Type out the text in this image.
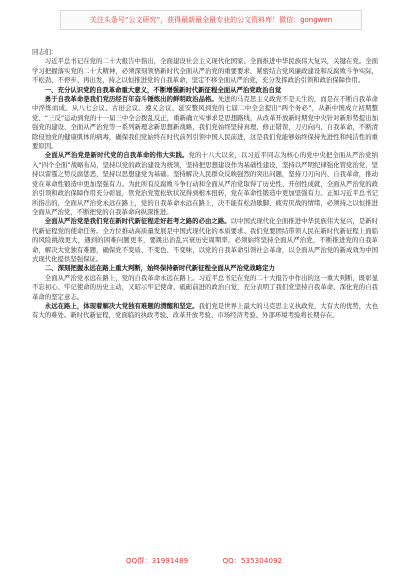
关注头条号“公文研究”，获得最新最全最专业的公文资料库！微信：gongwen

同志们：

习近平总书记在党的二十大报告中指出，全面建设社会主义现代化国家、全面推进中华民族伟大复兴，关键在党。全面学习把握落实党的二十大精神，必须深刻领悟新时代全面从严治党的重要要求，紧密结合党风廉政建设和反腐败斗争实际，不松劲、不停步、再出发，持之以恒推进党的自我革命，坚定不移全面从严治党，充分发挥政治引领和政治保障作用。

一、充分认识党的自我革命重大意义，不断增强新时代新征程全面从严治党政治自觉

勇于自我革命是我们党历经百年奋斗锤炼出的鲜明政治品格。先进的马克思主义政党不是天生的，而是在不断自我革命中淬炼而成。从八七会议、古田会议、遵义会议、延安整风到党的七届二中全会提出“两个务必”，从新中国成立初期整党、“三反”运动到党的十一届三中全会拨乱反正，重新确立实事求是思想路线，从改革开放新时期党中央针对新形势提出加强党的建设、全面从严治党等一系列新理念新思想新战略，我们党始终坚持真理、修正错误，刀刃向内、自我革命，不断清除侵蚀党的健康肌体的病毒，确保我们党始终在时代前列引领中国人民前进，这是我们党能够始终保持先进性和纯洁性的重要原因。

全面从严治党是新时代党的自我革命的伟大实践。党的十八大以来，以习近平同志为核心的党中央把全面从严治党纳入“四个全面”战略布局，坚持以党的政治建设为统领，坚持把思想建设作为基础性建设，坚持以严明纪律强化管党治党，坚持以雷霆之势反腐惩恶，坚持以思想建党为基础。坚持解决人民群众反映强烈的突出问题，坚持刀刃向内、自我革命，推动党在革命性锻造中更加坚强有力。为此所有反腐败斗争行动和全面从严治党取得了历史性、开创性成就，全面从严治党的政治引领和政治保障作用充分彰显，管党治党宽松软状况得到根本扭转，党在革命性锻造中更加坚强有力。正如习近平总书记所指出的，全面从严治党永远在路上，党的自我革命永远在路上，决不能有松劲歇脚、疲劳厌战的情绪，必须持之以恒推进全面从严治党，不断把党的自我革命向纵深推进。

全面从严治党是我们党在新时代新征程走好赶考之路的必由之路。以中国式现代化全面推进中华民族伟大复兴，是新时代新征程党的使命任务。全方位推动高质量发展是中国式现代化的本质要求。我们党要团结带领人民在新时代新征程上面临的风险挑战更大，遇到的困难问题更多，要跳出治乱兴衰历史周期率，必须始终坚持全面从严治党，不断推进党的自我革命，解决大党独有难题，确保党不变质、不变色、不变味，以党的自我革命引领社会革命，以全面从严治党的新成效为中国式现代化提供坚强保证。

二、深刻把握永远在路上重大判断，始终保持新时代新征程全面从严治党战略定力

全面从严治党永远在路上，党的自我革命永远在路上。习近平总书记在党的二十大报告中作出的这一重大判断，既彰显不忘初心、牢记使命的历史主动，又昭示牢记使命、砥砺前进的政治自觉，充分表明了我们党坚持自我革命、深化党的自我革命的坚定意志。

永远在路上，体现着解决大党独有难题的清醒和坚定。我们党是世界上最大的马克思主义执政党，大有大的优势，大也有大的难处。新时代新征程，党面临的执政考验、改革开放考验、市场经济考验、外部环境考验将长期存在。

QQ群：31991489	QQ：535304092
